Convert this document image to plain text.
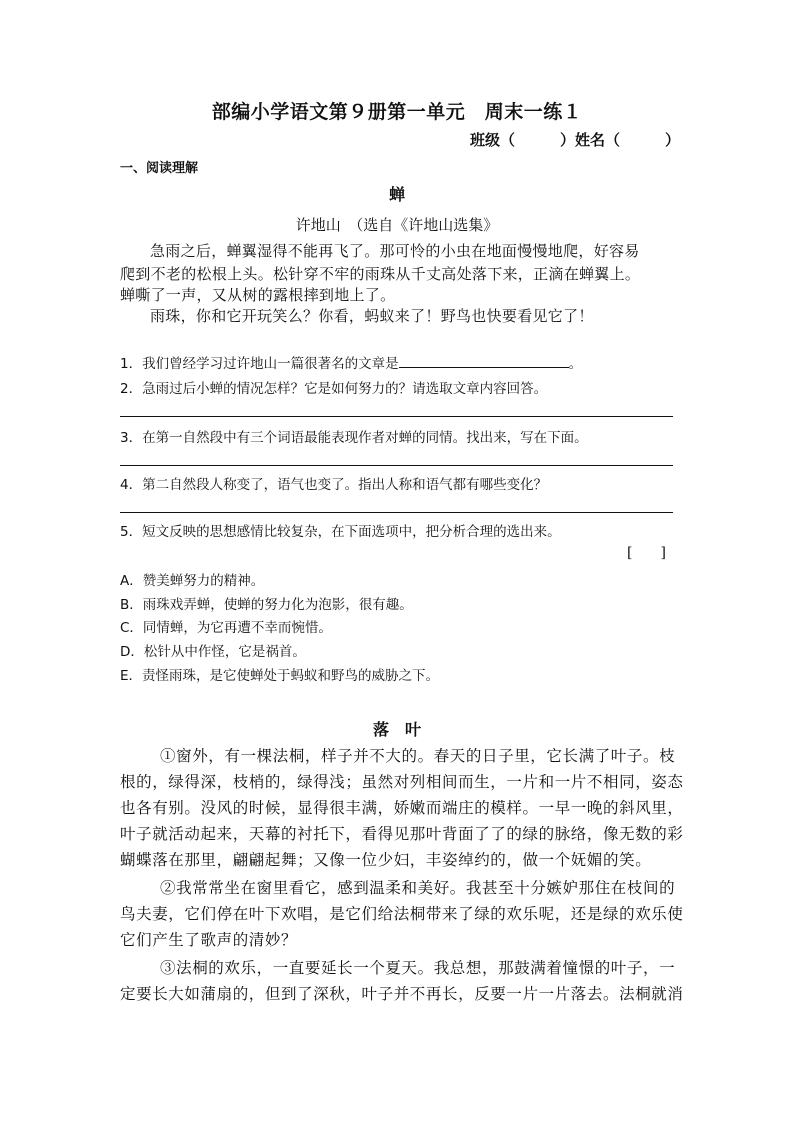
部编小学语文第９册第一单元　周末一练１
班级（　　　）姓名（　　　）
一、阅读理解
蝉
许地山　（选自《许地山选集》
急雨之后，蝉翼湿得不能再飞了。那可怜的小虫在地面慢慢地爬，好容易
爬到不老的松根上头。松针穿不牢的雨珠从千丈高处落下来，正滴在蝉翼上。
蝉嘶了一声，又从树的露根摔到地上了。
雨珠，你和它开玩笑么？你看，蚂蚁来了！野鸟也快要看见它了！
1．我们曾经学习过许地山一篇很著名的文章是	。
2．急雨过后小蝉的情况怎样？它是如何努力的？请选取文章内容回答。
3．在第一自然段中有三个词语最能表现作者对蝉的同情。找出来，写在下面。
4．第二自然段人称变了，语气也变了。指出人称和语气都有哪些变化？
5．短文反映的思想感情比较复杂，在下面选项中，把分析合理的选出来。
[　　]
A．赞美蝉努力的精神。
B．雨珠戏弄蝉，使蝉的努力化为泡影，很有趣。
C．同情蝉，为它再遭不幸而惋惜。
D．松针从中作怪，它是祸首。
E．责怪雨珠，是它使蝉处于蚂蚁和野鸟的威胁之下。
落　叶
①窗外，有一棵法桐，样子并不大的。春天的日子里，它长满了叶子。枝
根的，绿得深，枝梢的，绿得浅；虽然对列相间而生，一片和一片不相同，姿态
也各有别。没风的时候，显得很丰满，娇嫩而端庄的模样。一早一晚的斜风里，
叶子就活动起来，天幕的衬托下，看得见那叶背面了了的绿的脉络，像无数的彩
蝴蝶落在那里，翩翩起舞；又像一位少妇，丰姿绰约的，做一个妩媚的笑。
②我常常坐在窗里看它，感到温柔和美好。我甚至十分嫉妒那住在枝间的
鸟夫妻，它们停在叶下欢唱，是它们给法桐带来了绿的欢乐呢，还是绿的欢乐使
它们产生了歌声的清妙？
③法桐的欢乐，一直要延长一个夏天。我总想，那鼓满着憧憬的叶子，一
定要长大如蒲扇的，但到了深秋，叶子并不再长，反要一片一片落去。法桐就消
